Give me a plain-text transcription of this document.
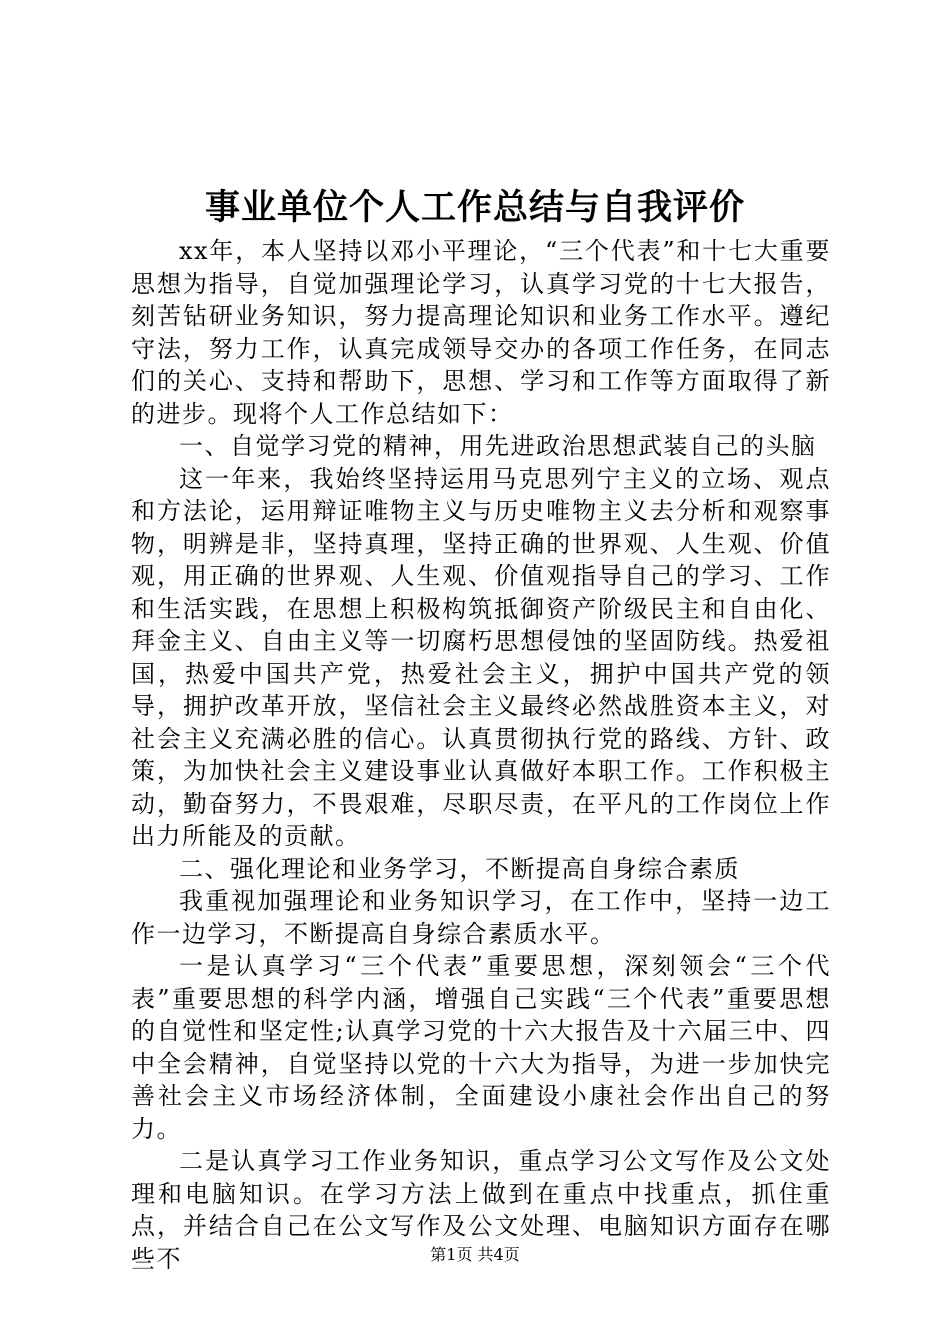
事业单位个人工作总结与自我评价

xx年，本人坚持以邓小平理论，“三个代表”和十七大重要思想为指导，自觉加强理论学习，认真学习党的十七大报告，刻苦钻研业务知识，努力提高理论知识和业务工作水平。遵纪守法，努力工作，认真完成领导交办的各项工作任务，在同志们的关心、支持和帮助下，思想、学习和工作等方面取得了新的进步。现将个人工作总结如下：

一、自觉学习党的精神，用先进政治思想武装自己的头脑

这一年来，我始终坚持运用马克思列宁主义的立场、观点和方法论，运用辩证唯物主义与历史唯物主义去分析和观察事物，明辨是非，坚持真理，坚持正确的世界观、人生观、价值观，用正确的世界观、人生观、价值观指导自己的学习、工作和生活实践，在思想上积极构筑抵御资产阶级民主和自由化、拜金主义、自由主义等一切腐朽思想侵蚀的坚固防线。热爱祖国，热爱中国共产党，热爱社会主义，拥护中国共产党的领导，拥护改革开放，坚信社会主义最终必然战胜资本主义，对社会主义充满必胜的信心。认真贯彻执行党的路线、方针、政策，为加快社会主义建设事业认真做好本职工作。工作积极主动，勤奋努力，不畏艰难，尽职尽责，在平凡的工作岗位上作出力所能及的贡献。

二、强化理论和业务学习，不断提高自身综合素质

我重视加强理论和业务知识学习，在工作中，坚持一边工作一边学习，不断提高自身综合素质水平。

一是认真学习“三个代表”重要思想，深刻领会“三个代表”重要思想的科学内涵，增强自己实践“三个代表”重要思想的自觉性和坚定性;认真学习党的十六大报告及十六届三中、四中全会精神，自觉坚持以党的十六大为指导，为进一步加快完善社会主义市场经济体制，全面建设小康社会作出自己的努力。

二是认真学习工作业务知识，重点学习公文写作及公文处理和电脑知识。在学习方法上做到在重点中找重点，抓住重点，并结合自己在公文写作及公文处理、电脑知识方面存在哪些不	第1页 共4页
